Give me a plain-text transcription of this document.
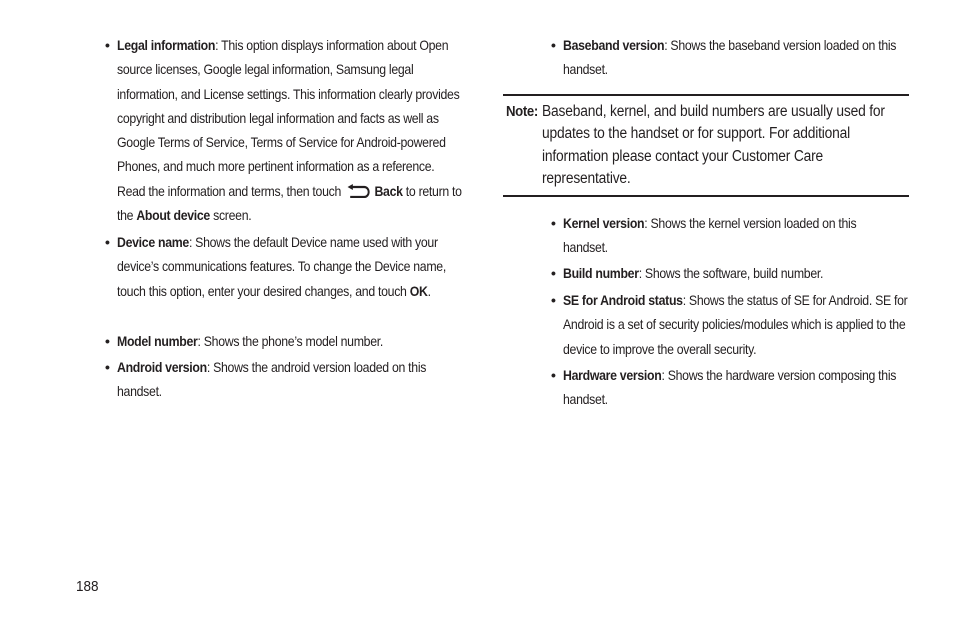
• Legal information: This option displays information about Open source licenses, Google legal information, Samsung legal information, and License settings. This information clearly provides copyright and distribution legal information and facts as well as Google Terms of Service, Terms of Service for Android-powered Phones, and much more pertinent information as a reference. Read the information and terms, then touch Back to return to the About device screen.
• Device name: Shows the default Device name used with your device’s communications features. To change the Device name, touch this option, enter your desired changes, and touch OK.
• Model number: Shows the phone’s model number.
• Android version: Shows the android version loaded on this handset.
• Baseband version: Shows the baseband version loaded on this handset.
Note: Baseband, kernel, and build numbers are usually used for updates to the handset or for support. For additional information please contact your Customer Care representative.
• Kernel version: Shows the kernel version loaded on this handset.
• Build number: Shows the software, build number.
• SE for Android status: Shows the status of SE for Android. SE for Android is a set of security policies/modules which is applied to the device to improve the overall security.
• Hardware version: Shows the hardware version composing this handset.
188
